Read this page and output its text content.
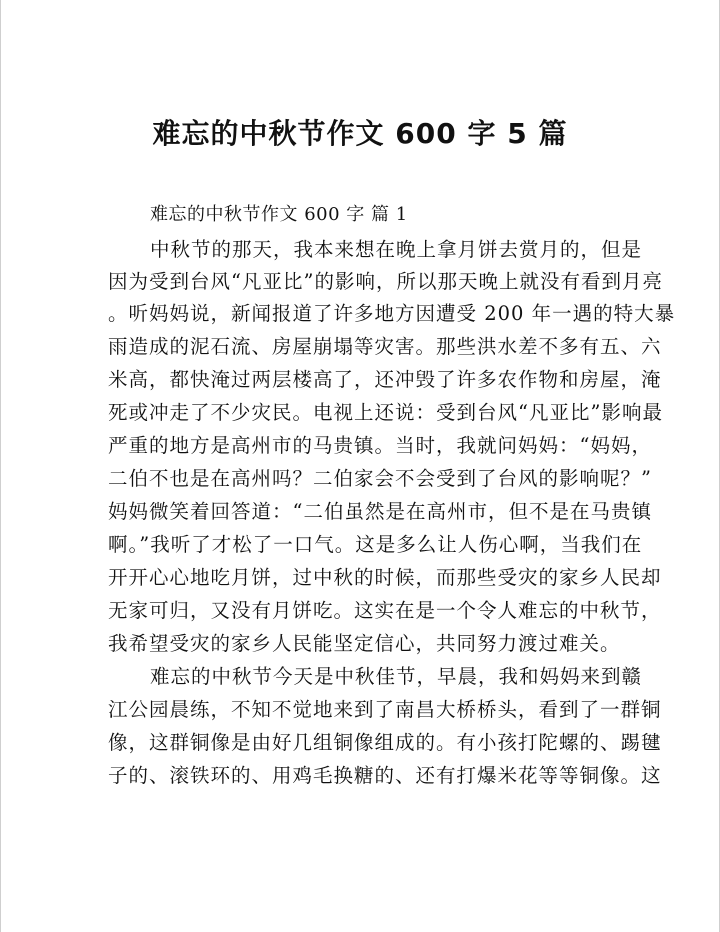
难忘的中秋节作文 600 字 5 篇
难忘的中秋节作文 600 字 篇 1
中秋节的那天，我本来想在晚上拿月饼去赏月的，但是
因为受到台风“凡亚比”的影响，所以那天晚上就没有看到月亮
。听妈妈说，新闻报道了许多地方因遭受 200 年一遇的特大暴
雨造成的泥石流、房屋崩塌等灾害。那些洪水差不多有五、六
米高，都快淹过两层楼高了，还冲毁了许多农作物和房屋，淹
死或冲走了不少灾民。电视上还说：受到台风“凡亚比”影响最
严重的地方是高州市的马贵镇。当时，我就问妈妈：“妈妈，
二伯不也是在高州吗？二伯家会不会受到了台风的影响呢？”
妈妈微笑着回答道：“二伯虽然是在高州市，但不是在马贵镇
啊。”我听了才松了一口气。这是多么让人伤心啊，当我们在
开开心心地吃月饼，过中秋的时候，而那些受灾的家乡人民却
无家可归，又没有月饼吃。这实在是一个令人难忘的中秋节，
我希望受灾的家乡人民能坚定信心，共同努力渡过难关。
难忘的中秋节今天是中秋佳节，早晨，我和妈妈来到赣
江公园晨练，不知不觉地来到了南昌大桥桥头，看到了一群铜
像，这群铜像是由好几组铜像组成的。有小孩打陀螺的、踢毽
子的、滚铁环的、用鸡毛换糖的、还有打爆米花等等铜像。这
